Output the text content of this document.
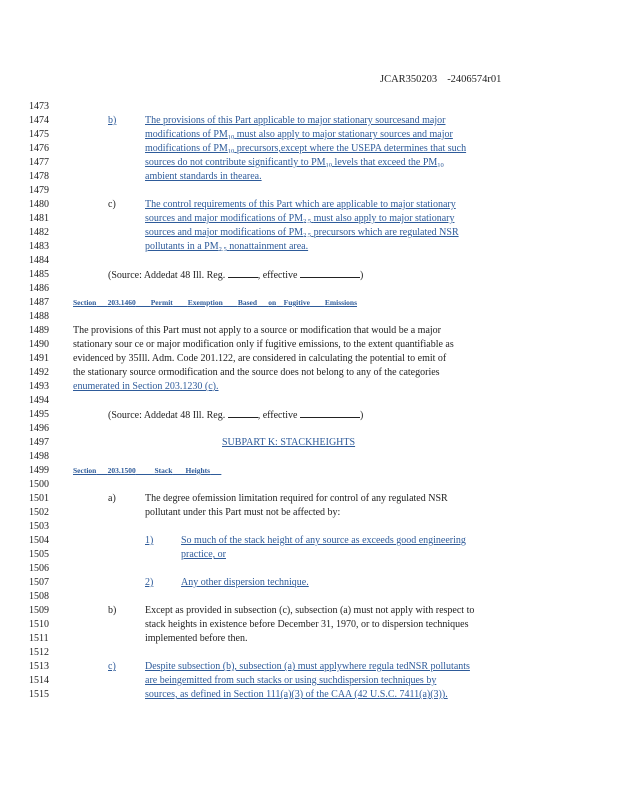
JCAR350203 -2406574r01
1473
1474	b)	The provisions of this Part applicable to major stationary sourcesand major
1475	modifications of $PM_{10}$ must also apply to major stationary sources and major
1476	modifications of $PM_{10}$ precursors,except where the USEPA determines that such
1477	sources do not contribute significantly to $PM_{10}$ levels that exceed the $PM_{10}$
1478	ambient standards in thearea.
1479
1480	c)	The control requirements of this Part which are applicable to major stationary
1481	sources and major modifications of $PM_{2.5}$ must also apply to major stationary
1482	sources and major modifications of $PM_{2.5}$ precursors which are regulated NSR
1483	pollutants in a $PM_{2.5}$ nonattainment area.
1484
1485	(Source: Addedat 48 Ill. Reg.	, effective	)
1486
1487	Section 203.1460 Permit Exemption Based on Fugitive Emissions
1488
1489 The provisions of this Part must not apply to a source or modification that would be a major
1490 stationary sour ce or major modification only if fugitive emissions, to the extent quantifiable as
1491 evidenced by 35Ill. Adm. Code 201.122, are considered in calculating the potential to emit of
1492 the stationary source ormodification and the source does not belong to any of the categories
1493 enumerated in Section 203.1230 (c).
1494
1495	(Source: Addedat 48 Ill. Reg.	, effective	)
1496
1497	SUBPART K: STACKHEIGHTS
1498
1499	Section 203.1500	Stack Heights
1500
1501	a)	The degree ofemission limitation required for control of any regulated NSR
1502	pollutant under this Part must not be affected by:
1503
1504	1)	So much of the stack height of any source as exceeds good engineering
1505	practice, or
1506
1507	2)	Any other dispersion technique.
1508
1509	b)	Except as provided in subsection (c), subsection (a) must not apply with respect to
1510	stack heights in existence before December 31, 1970, or to dispersion techniques
1511	implemented before then.
1512
1513	c)	Despite subsection (b), subsection (a) must applywhere regula tedNSR pollutants
1514	are beingemitted from such stacks or using suchdispersion techniques by
1515	sources, as defined in Section 111(a)(3) of the CAA (42 U.S.C. 7411(a)(3)).
